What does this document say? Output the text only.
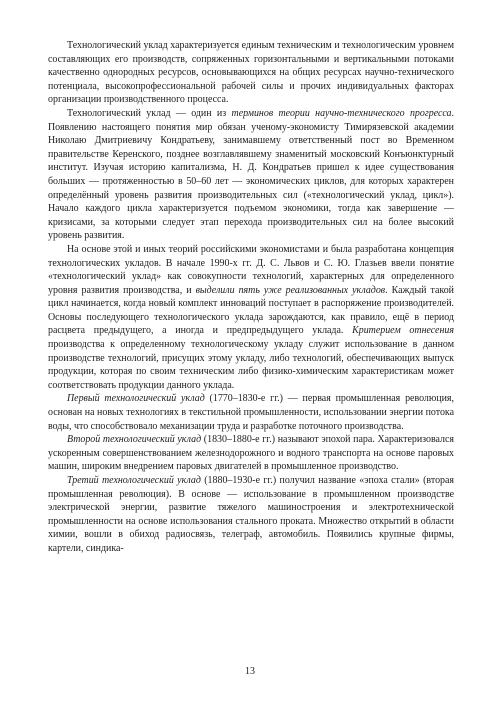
Технологический уклад характеризуется единым техническим и технологическим уровнем составляющих его производств, сопряженных горизонтальными и вертикальными потоками качественно однородных ресурсов, основывающихся на общих ресурсах научно-технического потенциала, высокопрофессиональной рабочей силы и прочих индивидуальных факторах организации производственного процесса.

Технологический уклад — один из терминов теории научно-технического прогресса. Появлению настоящего понятия мир обязан ученому-экономисту Тимирязевской академии Николаю Дмитриевичу Кондратьеву, занимавшему ответственный пост во Временном правительстве Керенского, позднее возглавлявшему знаменитый московский Конъюнктурный институт. Изучая историю капитализма, Н. Д. Кондратьев пришел к идее существования больших — протяженностью в 50–60 лет — экономических циклов, для которых характерен определённый уровень развития производительных сил («технологический уклад, цикл»). Начало каждого цикла характеризуется подъемом экономики, тогда как завершение — кризисами, за которыми следует этап перехода производительных сил на более высокий уровень развития.

На основе этой и иных теорий российскими экономистами и была разработана концепция технологических укладов. В начале 1990-х гг. Д. С. Львов и С. Ю. Глазьев ввели понятие «технологический уклад» как совокупности технологий, характерных для определенного уровня развития производства, и выделили пять уже реализованных укладов. Каждый такой цикл начинается, когда новый комплект инноваций поступает в распоряжение производителей. Основы последующего технологического уклада зарождаются, как правило, ещё в период расцвета предыдущего, а иногда и предпредыдущего уклада. Критерием отнесения производства к определенному технологическому укладу служит использование в данном производстве технологий, присущих этому укладу, либо технологий, обеспечивающих выпуск продукции, которая по своим техническим либо физико-химическим характеристикам может соответствовать продукции данного уклада.

Первый технологический уклад (1770–1830-е гг.) — первая промышленная революция, основан на новых технологиях в текстильной промышленности, использовании энергии потока воды, что способствовало механизации труда и разработке поточного производства.

Второй технологический уклад (1830–1880-е гг.) называют эпохой пара. Характеризовался ускоренным совершенствованием железнодорожного и водного транспорта на основе паровых машин, широким внедрением паровых двигателей в промышленное производство.

Третий технологический уклад (1880–1930-е гг.) получил название «эпоха стали» (вторая промышленная революция). В основе — использование в промышленном производстве электрической энергии, развитие тяжелого машиностроения и электротехнической промышленности на основе использования стального проката. Множество открытий в области химии, вошли в обиход радиосвязь, телеграф, автомобиль. Появились крупные фирмы, картели, синдика-

13
